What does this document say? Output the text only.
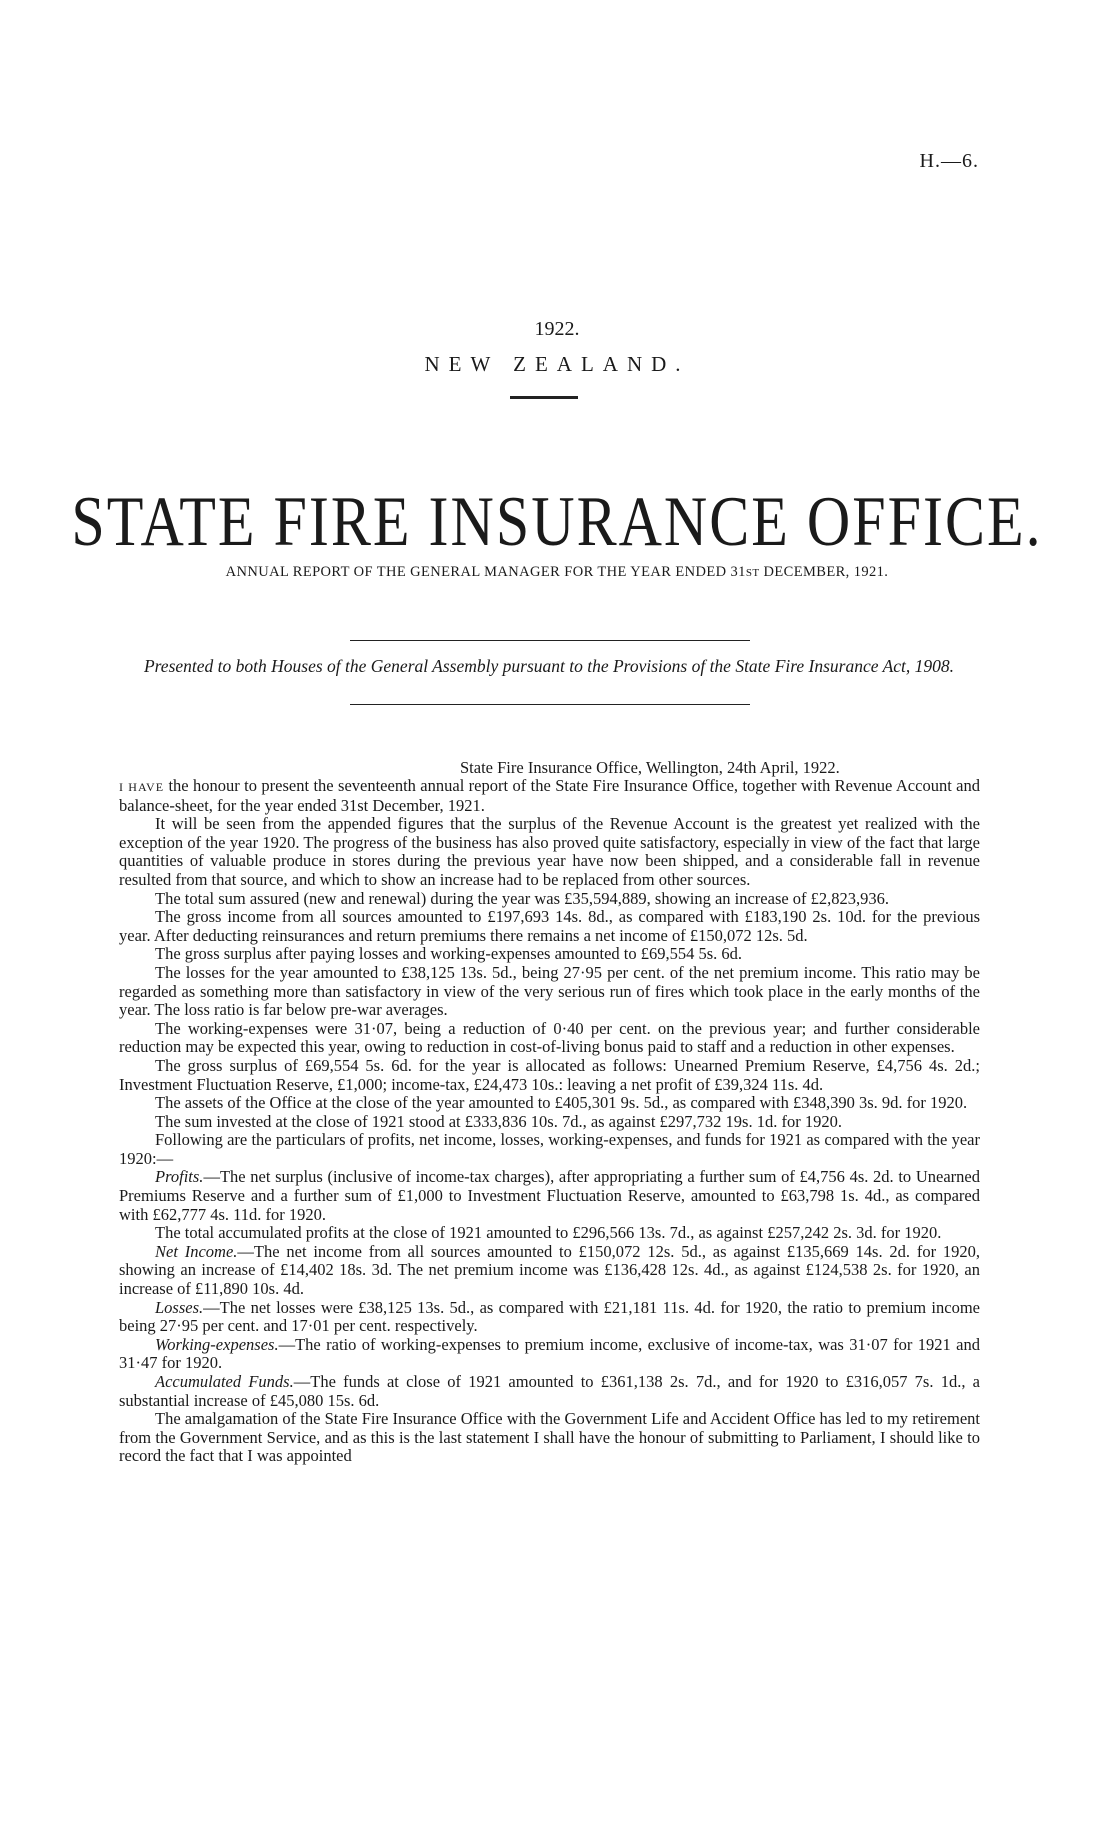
H.—6.
1922.
NEW ZEALAND.
STATE FIRE INSURANCE OFFICE.
ANNUAL REPORT OF THE GENERAL MANAGER FOR THE YEAR ENDED 31ST DECEMBER, 1921.
Presented to both Houses of the General Assembly pursuant to the Provisions of the State Fire Insurance Act, 1908.
State Fire Insurance Office, Wellington, 24th April, 1922.

I HAVE the honour to present the seventeenth annual report of the State Fire Insurance Office, together with Revenue Account and balance-sheet, for the year ended 31st December, 1921.

It will be seen from the appended figures that the surplus of the Revenue Account is the greatest yet realized with the exception of the year 1920. The progress of the business has also proved quite satisfactory, especially in view of the fact that large quantities of valuable produce in stores during the previous year have now been shipped, and a considerable fall in revenue resulted from that source, and which to show an increase had to be replaced from other sources.

The total sum assured (new and renewal) during the year was £35,594,889, showing an increase of £2,823,936.

The gross income from all sources amounted to £197,693 14s. 8d., as compared with £183,190 2s. 10d. for the previous year. After deducting reinsurances and return premiums there remains a net income of £150,072 12s. 5d.

The gross surplus after paying losses and working-expenses amounted to £69,554 5s. 6d.

The losses for the year amounted to £38,125 13s. 5d., being 27·95 per cent. of the net premium income. This ratio may be regarded as something more than satisfactory in view of the very serious run of fires which took place in the early months of the year. The loss ratio is far below pre-war averages.

The working-expenses were 31·07, being a reduction of 0·40 per cent. on the previous year; and further considerable reduction may be expected this year, owing to reduction in cost-of-living bonus paid to staff and a reduction in other expenses.

The gross surplus of £69,554 5s. 6d. for the year is allocated as follows: Unearned Premium Reserve, £4,756 4s. 2d.; Investment Fluctuation Reserve, £1,000; income-tax, £24,473 10s.: leaving a net profit of £39,324 11s. 4d.

The assets of the Office at the close of the year amounted to £405,301 9s. 5d., as compared with £348,390 3s. 9d. for 1920.

The sum invested at the close of 1921 stood at £333,836 10s. 7d., as against £297,732 19s. 1d. for 1920.

Following are the particulars of profits, net income, losses, working-expenses, and funds for 1921 as compared with the year 1920:—

Profits.—The net surplus (inclusive of income-tax charges), after appropriating a further sum of £4,756 4s. 2d. to Unearned Premiums Reserve and a further sum of £1,000 to Investment Fluctuation Reserve, amounted to £63,798 1s. 4d., as compared with £62,777 4s. 11d. for 1920.

The total accumulated profits at the close of 1921 amounted to £296,566 13s. 7d., as against £257,242 2s. 3d. for 1920.

Net Income.—The net income from all sources amounted to £150,072 12s. 5d., as against £135,669 14s. 2d. for 1920, showing an increase of £14,402 18s. 3d. The net premium income was £136,428 12s. 4d., as against £124,538 2s. for 1920, an increase of £11,890 10s. 4d.

Losses.—The net losses were £38,125 13s. 5d., as compared with £21,181 11s. 4d. for 1920, the ratio to premium income being 27·95 per cent. and 17·01 per cent. respectively.

Working-expenses.—The ratio of working-expenses to premium income, exclusive of income-tax, was 31·07 for 1921 and 31·47 for 1920.

Accumulated Funds.—The funds at close of 1921 amounted to £361,138 2s. 7d., and for 1920 to £316,057 7s. 1d., a substantial increase of £45,080 15s. 6d.

The amalgamation of the State Fire Insurance Office with the Government Life and Accident Office has led to my retirement from the Government Service, and as this is the last statement I shall have the honour of submitting to Parliament, I should like to record the fact that I was appointed
